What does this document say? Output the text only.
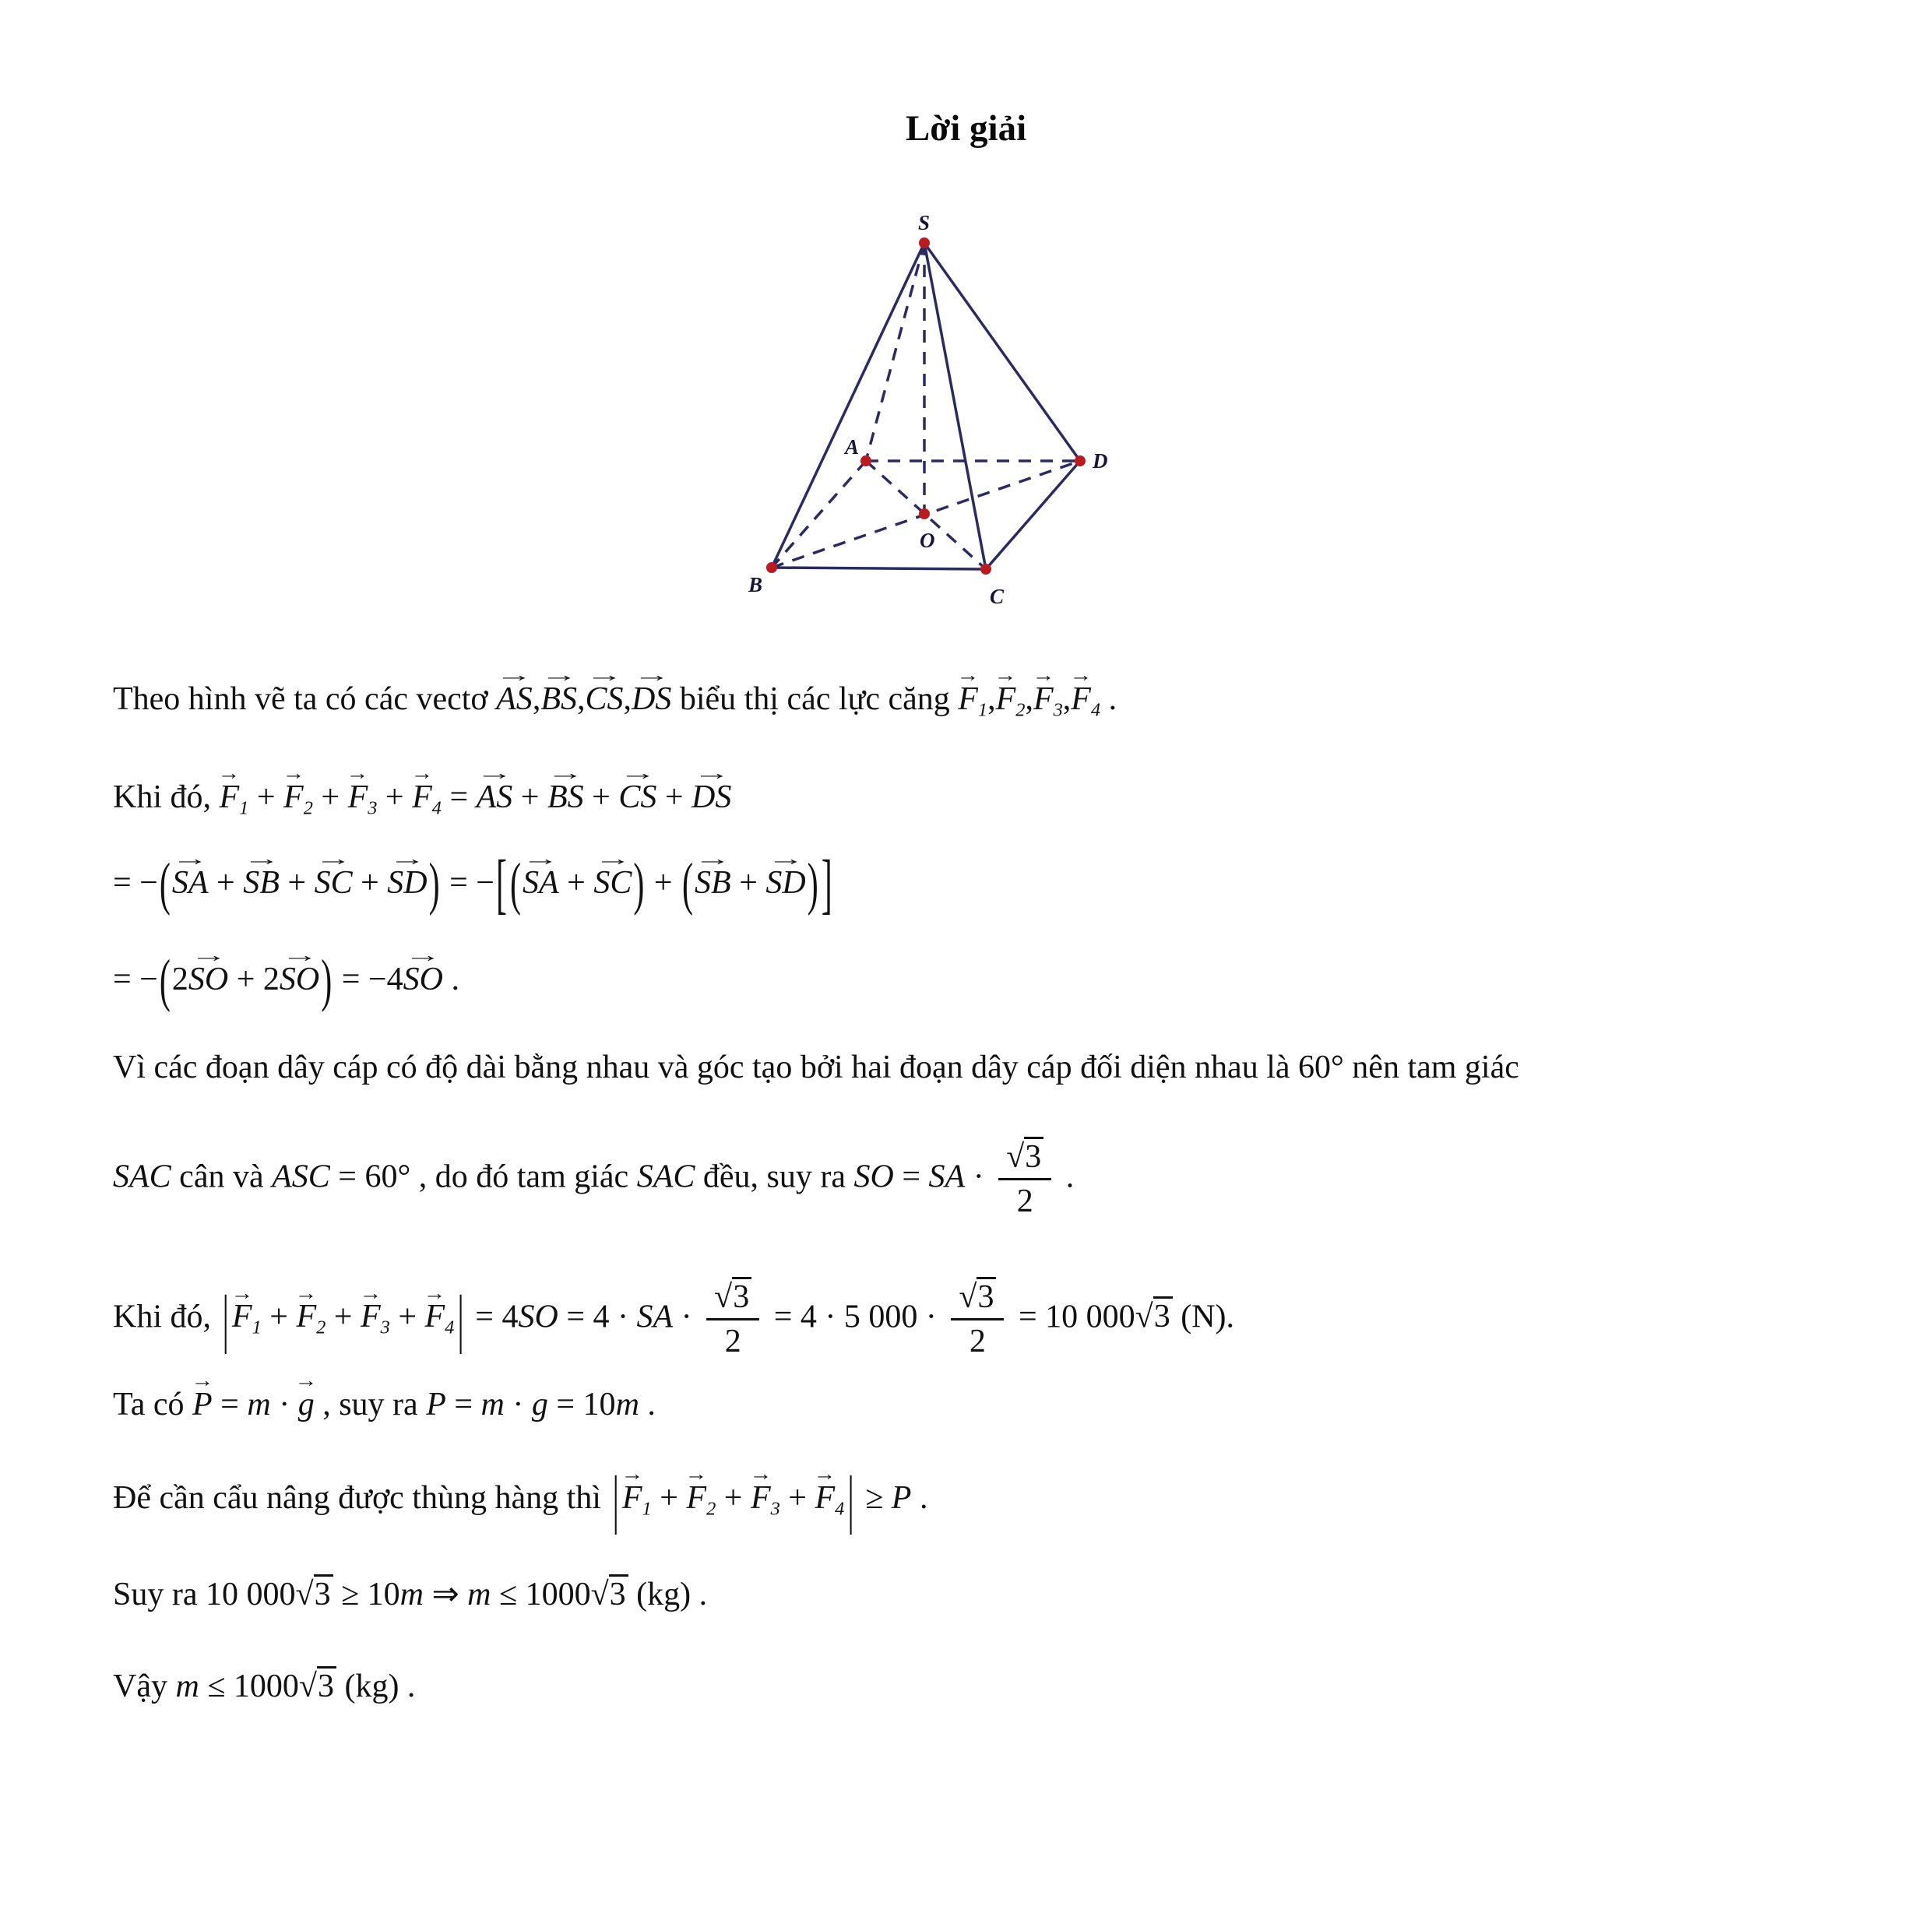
Lời giải
S
A
D
O
B	C
Theo hình vẽ ta có các vectơ
→
AS,
→
BS,
→
CS,
→
DS biểu thị các lực căng
→
$F_1$,
→
$F_2$,
→
$F_3$,
→
$F_4$ .
Khi đó,
→
$F_1$ +
→
$F_2$ +
→
$F_3$ +
→
$F_4$ =
→
AS +
→
BS +
→
CS +
→
DS
= −( →
SA +
→
SB +
→
SC +
→
SD) = −[( →
SA +
→
SC) + ( →
SB +
→
SD)]
= −(2
→
SO + 2
→
SO) = −4
→
SO .
Vì các đoạn dây cáp có độ dài bằng nhau và góc tạo bởi hai đoạn dây cáp đối diện nhau là 60° nên tam giác
SAC cân và ASC = 60° , do đó tam giác SAC đều, suy ra SO = SA · $\frac{√3}{2}$ .
Khi đó, | →
$F_1$ +
→
$F_2$ +
→
$F_3$ +
→
$F_4| = 4SO = 4$ · SA · $\frac{√3}{2} = 4 \cdot 5$ $000 \cdot \frac{√3}{2} = 10$ 000√3 (N).
Ta có
→
P = m ·
→
g , suy ra P = m · g = 10m .
Để cần cẩu nâng được thùng hàng thì | →
$F_1$ +
→
$F_2$ +
→
$F_3$ +
→
$F_4| \ge P$ .
Suy ra 10 000√3 ≥ 10m ⇒ m ≤ 1000√3 (kg) .
Vậy m ≤ 1000√3 (kg) .
